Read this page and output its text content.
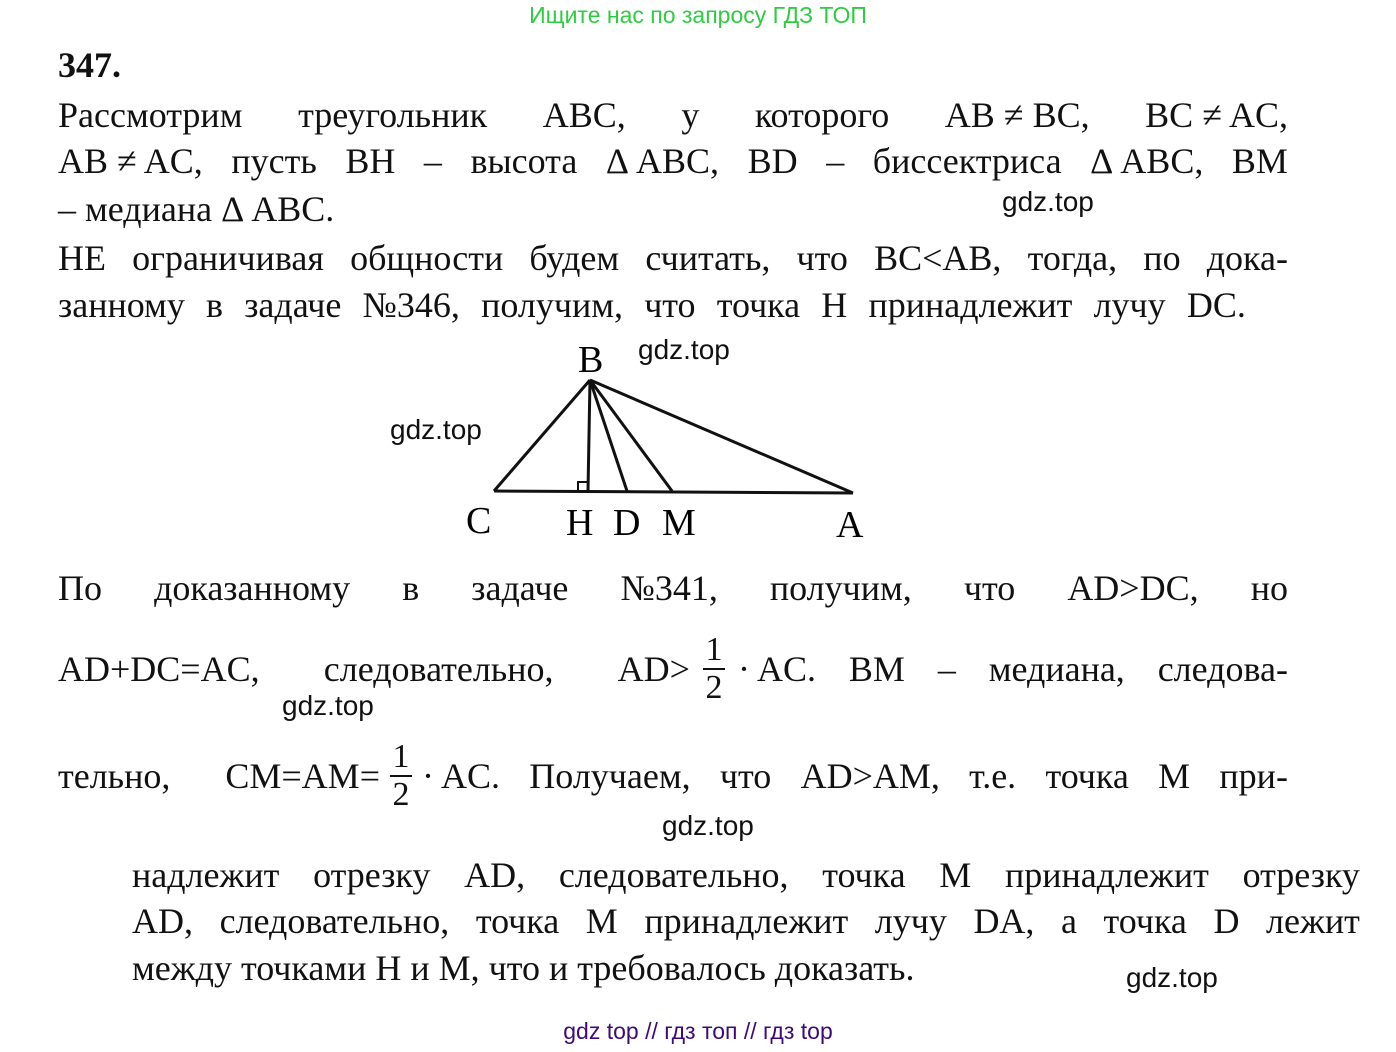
Ищите нас по запросу ГДЗ ТОП
347.
Рассмотрим треугольник ABC, у которого AB ≠ BC, BC ≠ AC,
AB ≠ AC, пусть BH – высота Δ ABC, BD – биссектриса Δ ABC, BM
– медиана Δ ABC.
НЕ ограничивая общности будем считать, что BC<AB, тогда, по дока-
занному в задаче №346, получим, что точка H принадлежит лучу DC.
B
C H D M	A
По доказанному в задаче №341, получим, что AD>DC, но
AD+DC=AC, следовательно, $AD> \frac{1}{2}$ · AC. BM – медиана, следова-
тельно, $CM=AM= \frac{1}{2}$ · AC. Получаем, что AD>AM, т.е. точка M при-
надлежит отрезку AD, следовательно, точка M принадлежит отрезку
AD, следовательно, точка M принадлежит лучу DA, а точка D лежит
между точками H и M, что и требовалось доказать.
gdz.top
gdz.top
gdz.top
gdz.top
gdz.top
gdz.top
gdz top // гдз топ // гдз top
